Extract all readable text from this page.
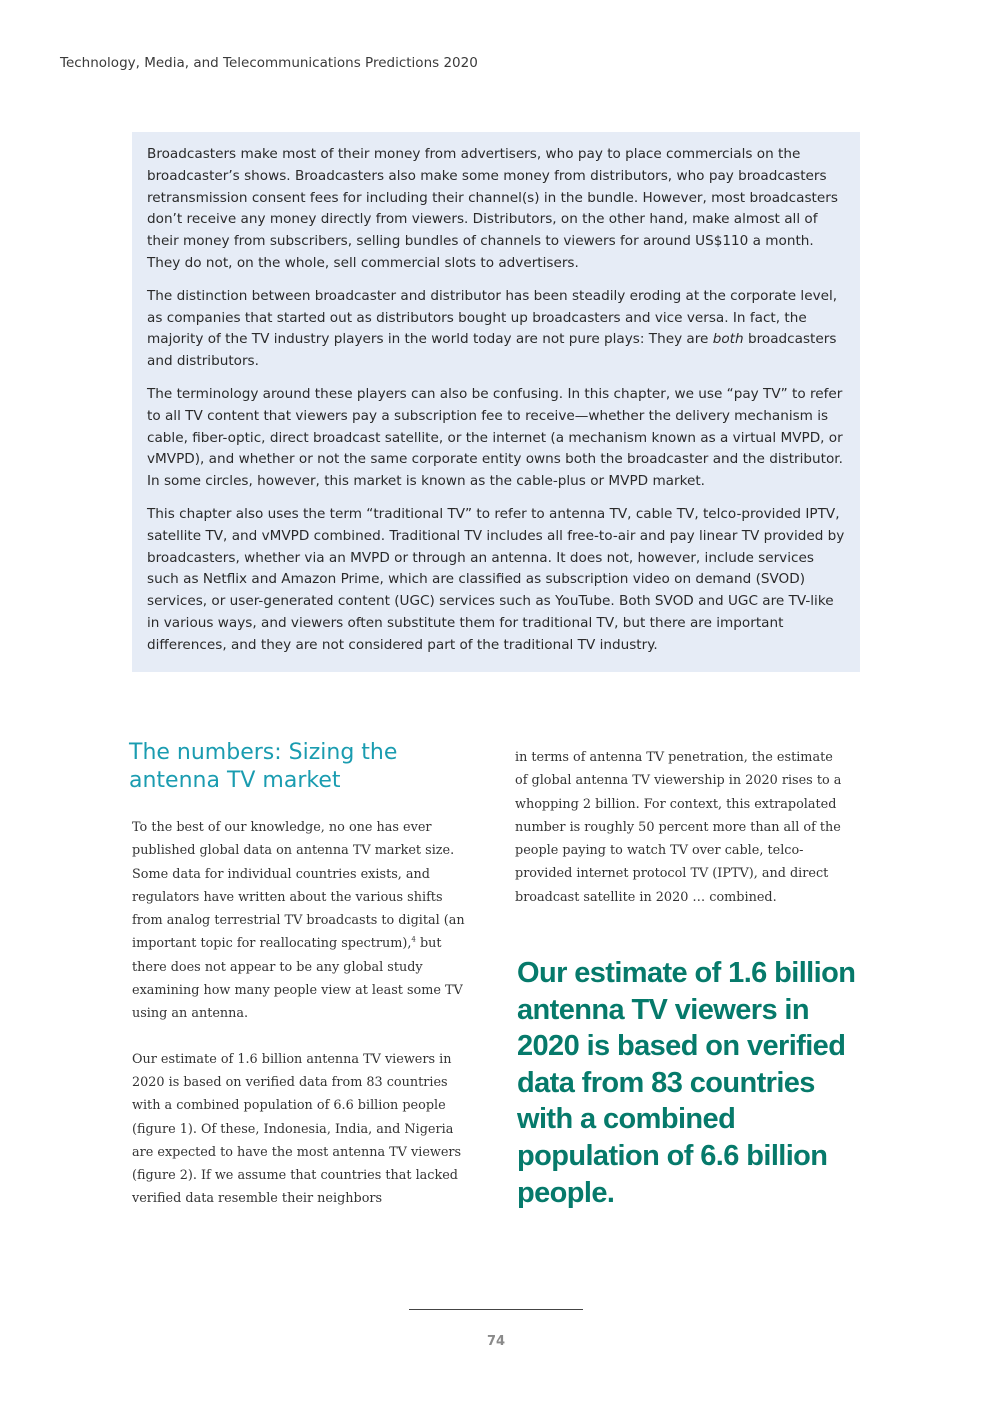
Technology, Media, and Telecommunications Predictions 2020

Broadcasters make most of their money from advertisers, who pay to place commercials on the broadcaster’s shows. Broadcasters also make some money from distributors, who pay broadcasters retransmission consent fees for including their channel(s) in the bundle. However, most broadcasters don’t receive any money directly from viewers. Distributors, on the other hand, make almost all of their money from subscribers, selling bundles of channels to viewers for around US$110 a month. They do not, on the whole, sell commercial slots to advertisers.

The distinction between broadcaster and distributor has been steadily eroding at the corporate level, as companies that started out as distributors bought up broadcasters and vice versa. In fact, the majority of the TV industry players in the world today are not pure plays: They are both broadcasters and distributors.

The terminology around these players can also be confusing. In this chapter, we use “pay TV” to refer to all TV content that viewers pay a subscription fee to receive—whether the delivery mechanism is cable, fiber-optic, direct broadcast satellite, or the internet (a mechanism known as a virtual MVPD, or vMVPD), and whether or not the same corporate entity owns both the broadcaster and the distributor. In some circles, however, this market is known as the cable-plus or MVPD market.

This chapter also uses the term “traditional TV” to refer to antenna TV, cable TV, telco-provided IPTV, satellite TV, and vMVPD combined. Traditional TV includes all free-to-air and pay linear TV provided by broadcasters, whether via an MVPD or through an antenna. It does not, however, include services such as Netflix and Amazon Prime, which are classified as subscription video on demand (SVOD) services, or user-generated content (UGC) services such as YouTube. Both SVOD and UGC are TV-like in various ways, and viewers often substitute them for traditional TV, but there are important differences, and they are not considered part of the traditional TV industry.

The numbers: Sizing the antenna TV market

To the best of our knowledge, no one has ever published global data on antenna TV market size. Some data for individual countries exists, and regulators have written about the various shifts from analog terrestrial TV broadcasts to digital (an important topic for reallocating spectrum),$^4$ but there does not appear to be any global study examining how many people view at least some TV using an antenna.

Our estimate of 1.6 billion antenna TV viewers in 2020 is based on verified data from 83 countries with a combined population of 6.6 billion people (figure 1). Of these, Indonesia, India, and Nigeria are expected to have the most antenna TV viewers (figure 2). If we assume that countries that lacked verified data resemble their neighbors

in terms of antenna TV penetration, the estimate of global antenna TV viewership in 2020 rises to a whopping 2 billion. For context, this extrapolated number is roughly 50 percent more than all of the people paying to watch TV over cable, telco-provided internet protocol TV (IPTV), and direct broadcast satellite in 2020 … combined.

Our estimate of 1.6 billion antenna TV viewers in 2020 is based on verified data from 83 countries with a combined population of 6.6 billion people.

74
